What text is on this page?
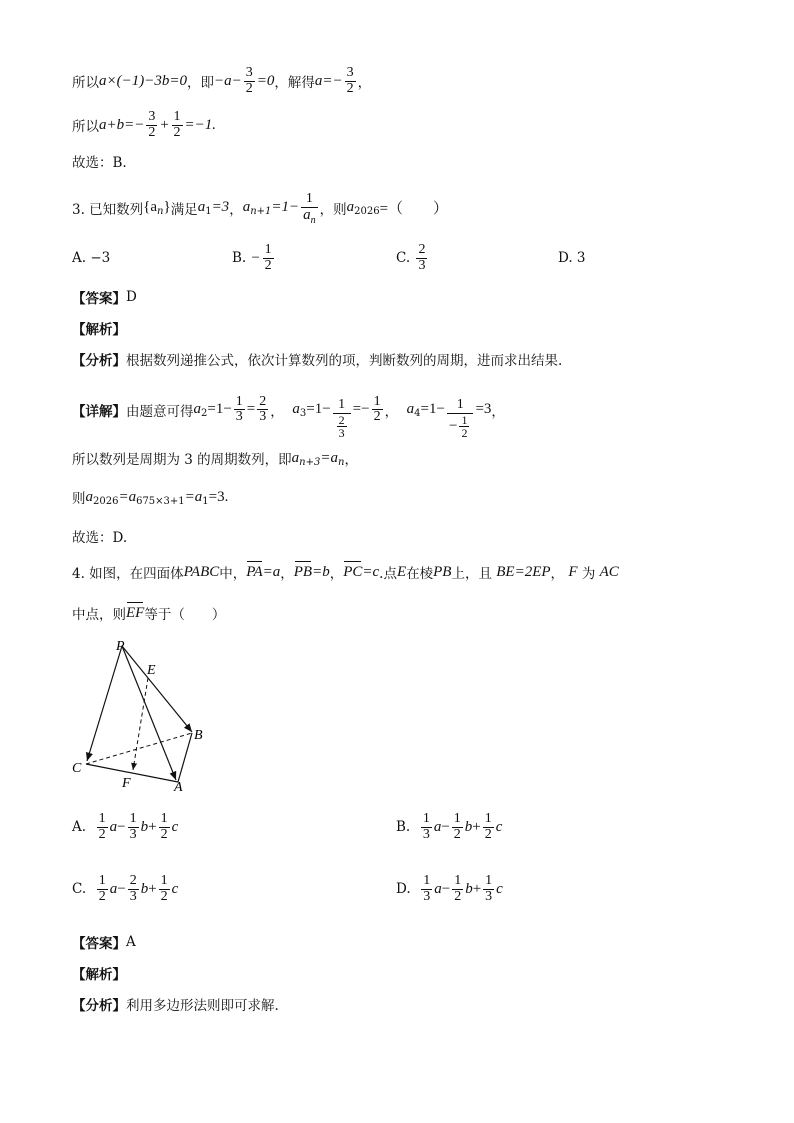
所以 a×(−1)−3b=0 ，即 $-a- \frac{3}{2} =0$ ，解得 $a=- \frac{3}{2}$ ，
所以 $a+b=- \frac{3}{2} + \frac{1}{2} =-1$.
故选：B.
3. 已知数列 {a n } 满足 a 1 =3 ， a $n+1 =1- \frac{1}{a_n}$ ，则 a 2026 =（　　）
A. −3	B.
− $\frac{1}{2}$	C.
$\frac{2}{3}$	D. 3
【答案】 D
【解析】
【分析】 根据数列递推公式，依次计算数列的项，判断数列的周期，进而求出结果.
【详解】 由题意可得 a $2 =1- \frac{1}{3} = \frac{2}{3}$ ，
a $3 =1- \frac{1}{\frac{2}{3}} =- \frac{1}{2}$ ，
a $4 =1- \frac{1}{- \frac{1}{2}} =3$ ，
所以数列是周期为 3 的周期数列，即 a n+3 =a n ，
则 a 2026 =a 675×3+1 =a 1 =3.
故选：D.
4. 如图，在四面体 PABC 中， PA =a ， PB =b ， PC =c .点 E 在棱 PB 上，且
BE=2EP ，
F
为
AC
中点，则 EF 等于（　　）
P
E
B
C
F	A
A.
$\frac{1}{2}$ $a - \frac{1}{3}$ $b + \frac{1}{2}$ c	B.
$\frac{1}{3}$ $a - \frac{1}{2}$ $b + \frac{1}{2}$ c
C.
$\frac{1}{2}$ $a - \frac{2}{3}$ $b + \frac{1}{2}$ c	D.
$\frac{1}{3}$ $a - \frac{1}{2}$ $b + \frac{1}{3}$ c
【答案】 A
【解析】
【分析】 利用多边形法则即可求解.
